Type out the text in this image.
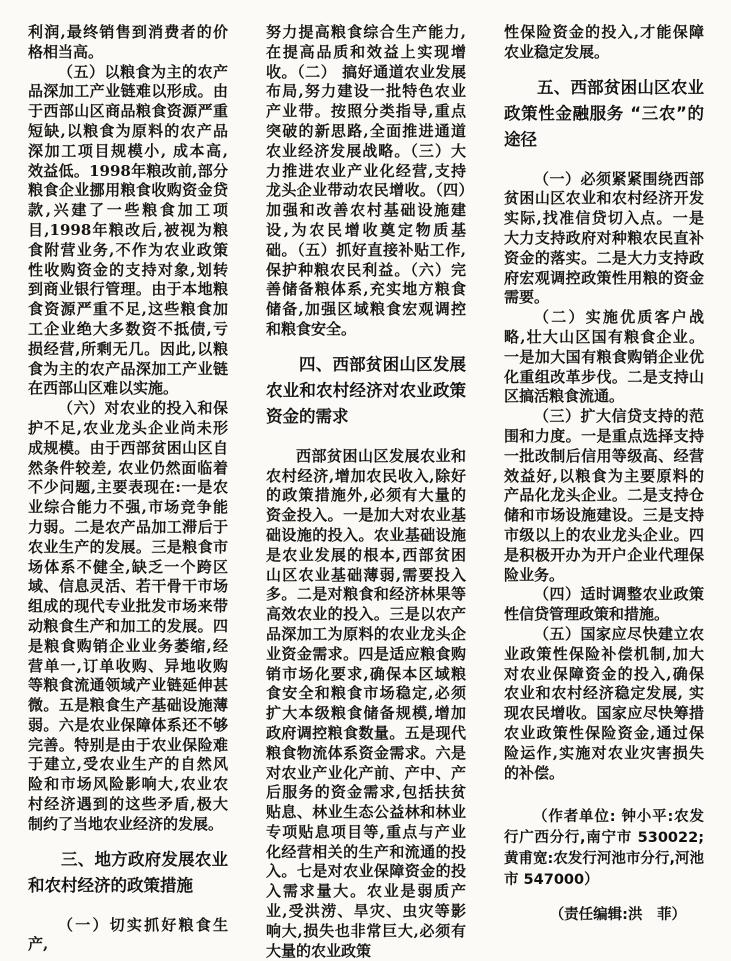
利润,最终销售到消费者的价格相当高。

（五）以粮食为主的农产品深加工产业链难以形成。由于西部山区商品粮食资源严重短缺,以粮食为原料的农产品深加工项目规模小, 成本高, 效益低。1998年粮改前,部分粮食企业挪用粮食收购资金贷款,兴建了一些粮食加工项目,1998年粮改后,被视为粮食附营业务,不作为农业政策性收购资金的支持对象,划转到商业银行管理。由于本地粮食资源严重不足,这些粮食加工企业绝大多数资不抵债,亏损经营,所剩无几。因此,以粮食为主的农产品深加工产业链在西部山区难以实施。

（六）对农业的投入和保护不足,农业龙头企业尚未形成规模。由于西部贫困山区自然条件较差, 农业仍然面临着不少问题,主要表现在:一是农业综合能力不强,市场竞争能力弱。二是农产品加工滞后于农业生产的发展。三是粮食市场体系不健全,缺乏一个跨区域、信息灵活、若干骨干市场组成的现代专业批发市场来带动粮食生产和加工的发展。四是粮食购销企业业务萎缩,经营单一,订单收购、异地收购等粮食流通领域产业链延伸甚微。五是粮食生产基础设施薄弱。六是农业保障体系还不够完善。特别是由于农业保险难于建立,受农业生产的自然风险和市场风险影响大,农业农村经济遇到的这些矛盾,极大制约了当地农业经济的发展。

三、地方政府发展农业和农村经济的政策措施

（一）切实抓好粮食生产,

努力提高粮食综合生产能力,在提高品质和效益上实现增收。（二） 搞好通道农业发展布局,努力建设一批特色农业产业带。按照分类指导,重点突破的新思路,全面推进通道农业经济发展战略。（三）大力推进农业产业化经营,支持龙头企业带动农民增收。（四）加强和改善农村基础设施建设,为农民增收奠定物质基础。（五）抓好直接补贴工作,保护种粮农民利益。（六）完善储备粮体系,充实地方粮食储备,加强区域粮食宏观调控和粮食安全。

四、西部贫困山区发展农业和农村经济对农业政策资金的需求

西部贫困山区发展农业和农村经济,增加农民收入,除好的政策措施外,必须有大量的资金投入。一是加大对农业基础设施的投入。农业基础设施是农业发展的根本,西部贫困山区农业基础薄弱,需要投入多。二是对粮食和经济林果等高效农业的投入。三是以农产品深加工为原料的农业龙头企业资金需求。四是适应粮食购销市场化要求,确保本区域粮食安全和粮食市场稳定,必须扩大本级粮食储备规模,增加政府调控粮食数量。五是现代粮食物流体系资金需求。六是对农业产业化产前、产中、产后服务的资金需求,包括扶贫贴息、林业生态公益林和林业专项贴息项目等,重点与产业化经营相关的生产和流通的投入。七是对农业保障资金的投入需求量大。农业是弱质产业,受洪涝、旱灾、虫灾等影响大,损失也非常巨大,必须有大量的农业政策

性保险资金的投入,才能保障农业稳定发展。

五、西部贫困山区农业政策性金融服务 “三农”的途径

（一）必须紧紧围绕西部贫困山区农业和农村经济开发实际,找准信贷切入点。一是大力支持政府对种粮农民直补资金的落实。二是大力支持政府宏观调控政策性用粮的资金需要。

（二）实施优质客户战略,壮大山区国有粮食企业。一是加大国有粮食购销企业优化重组改革步伐。二是支持山区搞活粮食流通。

（三）扩大信贷支持的范围和力度。一是重点选择支持一批改制后信用等级高、经营效益好,以粮食为主要原料的产品化龙头企业。二是支持仓储和市场设施建设。三是支持市级以上的农业龙头企业。四是积极开办为开户企业代理保险业务。

（四）适时调整农业政策性信贷管理政策和措施。

（五）国家应尽快建立农业政策性保险补偿机制,加大对农业保障资金的投入,确保农业和农村经济稳定发展, 实现农民增收。国家应尽快筹措农业政策性保险资金,通过保险运作,实施对农业灾害损失的补偿。

（作者单位: 钟小平:农发行广西分行,南宁市 530022; 黄甫宽:农发行河池市分行,河池市 547000）

（责任编辑:洪　菲）
